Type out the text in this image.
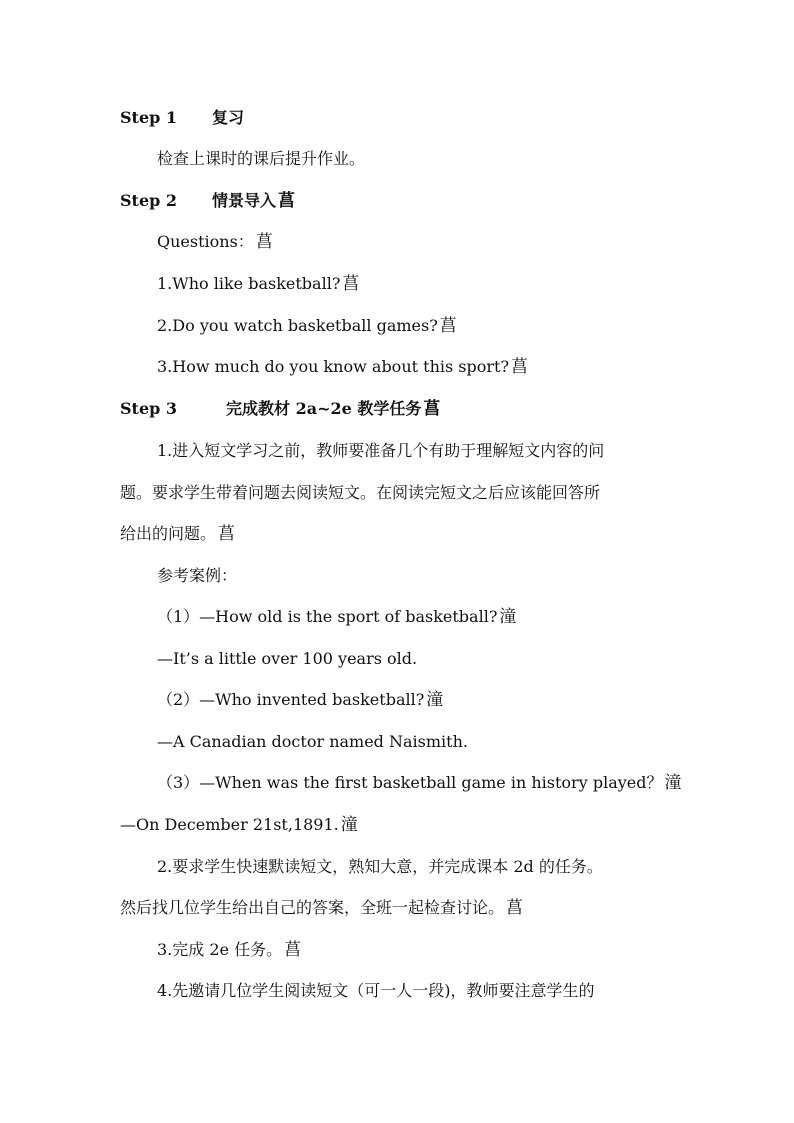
Step 1 复习
检查上课时的课后提升作业。
Step 2 情景导入 菖
Questions： 菖
1.Who like basketball? 菖
2.Do you watch basketball games? 菖
3.How much do you know about this sport? 菖
Step 3	完成教材 2a~2e 教学任务 菖
1.进入短文学习之前，教师要准备几个有助于理解短文内容的问
题。要求学生带着问题去阅读短文。在阅读完短文之后应该能回答所
给出的问题。 菖
参考案例：
（1）—How old is the sport of basketball? 潼
—It’s a little over 100 years old.
（2）—Who invented basketball? 潼
—A Canadian doctor named Naismith.
（3）—When was the first basketball game in history played？ 潼
—On December 21st,1891. 潼
2.要求学生快速默读短文，熟知大意，并完成课本 2d 的任务。
然后找几位学生给出自己的答案，全班一起检查讨论。 菖
3.完成 2e 任务。 菖
4.先邀请几位学生阅读短文（可一人一段)，教师要注意学生的
